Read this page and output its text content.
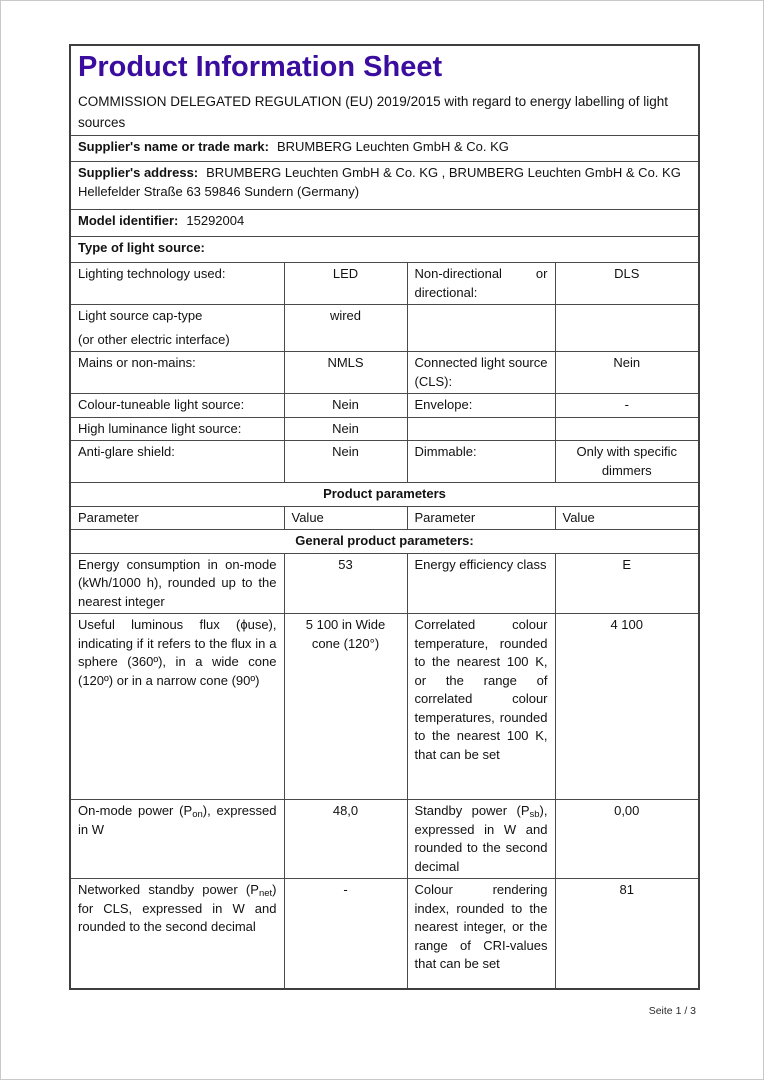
Product Information Sheet
COMMISSION DELEGATED REGULATION (EU) 2019/2015 with regard to energy labelling of light sources			

Supplier's name or trade mark: BRUMBERG Leuchten GmbH & Co. KG			
Supplier's address: BRUMBERG Leuchten GmbH & Co. KG , BRUMBERG Leuchten GmbH & Co. KG Hellefelder Straße 63 59846 Sundern (Germany)			
Model identifier: 15292004			
Type of light source:			
Lighting technology used:	LED	Non-directional or directional:	DLS

Light source cap-type
(or other electric interface)	wired		
Mains or non-mains:	NMLS	Connected light source (CLS):	Nein
Colour-tuneable light source:	Nein	Envelope:	-
High luminance light source:	Nein		
Anti-glare shield:	Nein	Dimmable:	Only with specific dimmers
Product parameters			
Parameter	Value	Parameter	Value
General product parameters:			
Energy consumption in on-mode (kWh/1000 h), rounded up to the nearest integer	53	Energy efficiency class	E
Useful luminous flux (ϕuse), indicating if it refers to the flux in a sphere (360º), in a wide cone (120º) or in a narrow cone (90º)	5 100 in Wide cone (120°)	Correlated colour temperature, rounded to the nearest 100 K, or the range of correlated colour temperatures, rounded to the nearest 100 K, that can be set	4 100
On-mode power $(P_{on})$, expressed in W	48,0	Standby power $(P_{sb})$, expressed in W and rounded to the second decimal	0,00
Networked standby power $(P_{net})$ for CLS, expressed in W and rounded to the second decimal	-	Colour rendering index, rounded to the nearest integer, or the range of CRI-values that can be set	81
Seite 1 / 3
